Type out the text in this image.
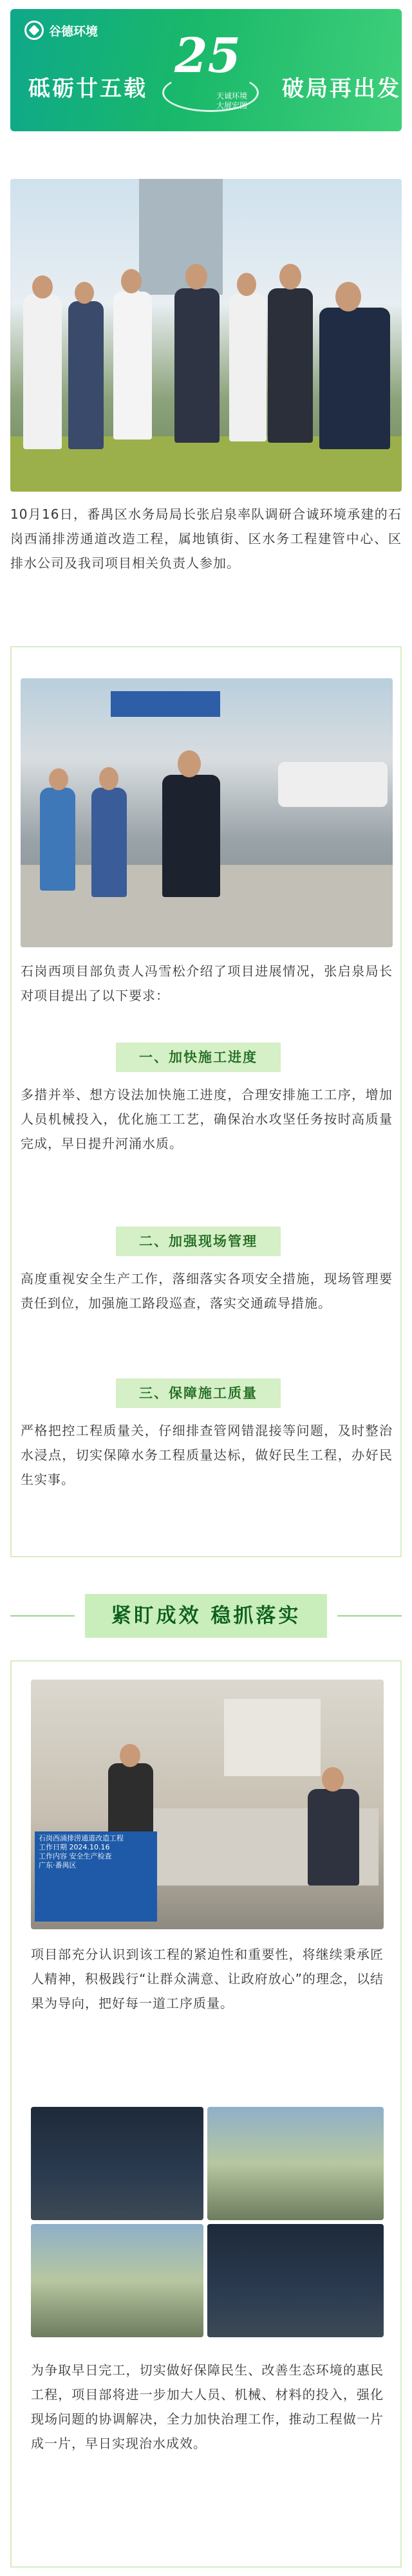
谷德环境
砥砺廿五载
25
天诚环境
大展宏图
破局再出发
10月16日，番禺区水务局局长张启泉率队调研合诚环境承建的石岗西涌排涝通道改造工程，属地镇街、区水务工程建管中心、区排水公司及我司项目相关负责人参加。
石岗西项目部负责人冯雪松介绍了项目进展情况，张启泉局长对项目提出了以下要求：
一、加快施工进度
多措并举、想方设法加快施工进度，合理安排施工工序，增加人员机械投入，优化施工工艺，确保治水攻坚任务按时高质量完成，早日提升河涌水质。
二、加强现场管理
高度重视安全生产工作，落细落实各项安全措施，现场管理要责任到位，加强施工路段巡查，落实交通疏导措施。
三、保障施工质量
严格把控工程质量关，仔细排查管网错混接等问题，及时整治水浸点，切实保障水务工程质量达标，做好民生工程，办好民生实事。
紧盯成效 稳抓落实
石岗西涌排涝通道改造工程
工作日期 2024.10.16
工作内容 安全生产检查
广东·番禺区
项目部充分认识到该工程的紧迫性和重要性，将继续秉承匠人精神，积极践行“让群众满意、让政府放心”的理念，以结果为导向，把好每一道工序质量。
为争取早日完工，切实做好保障民生、改善生态环境的惠民工程，项目部将进一步加大人员、机械、材料的投入，强化现场问题的协调解决，全力加快治理工作，推动工程做一片成一片，早日实现治水成效。
